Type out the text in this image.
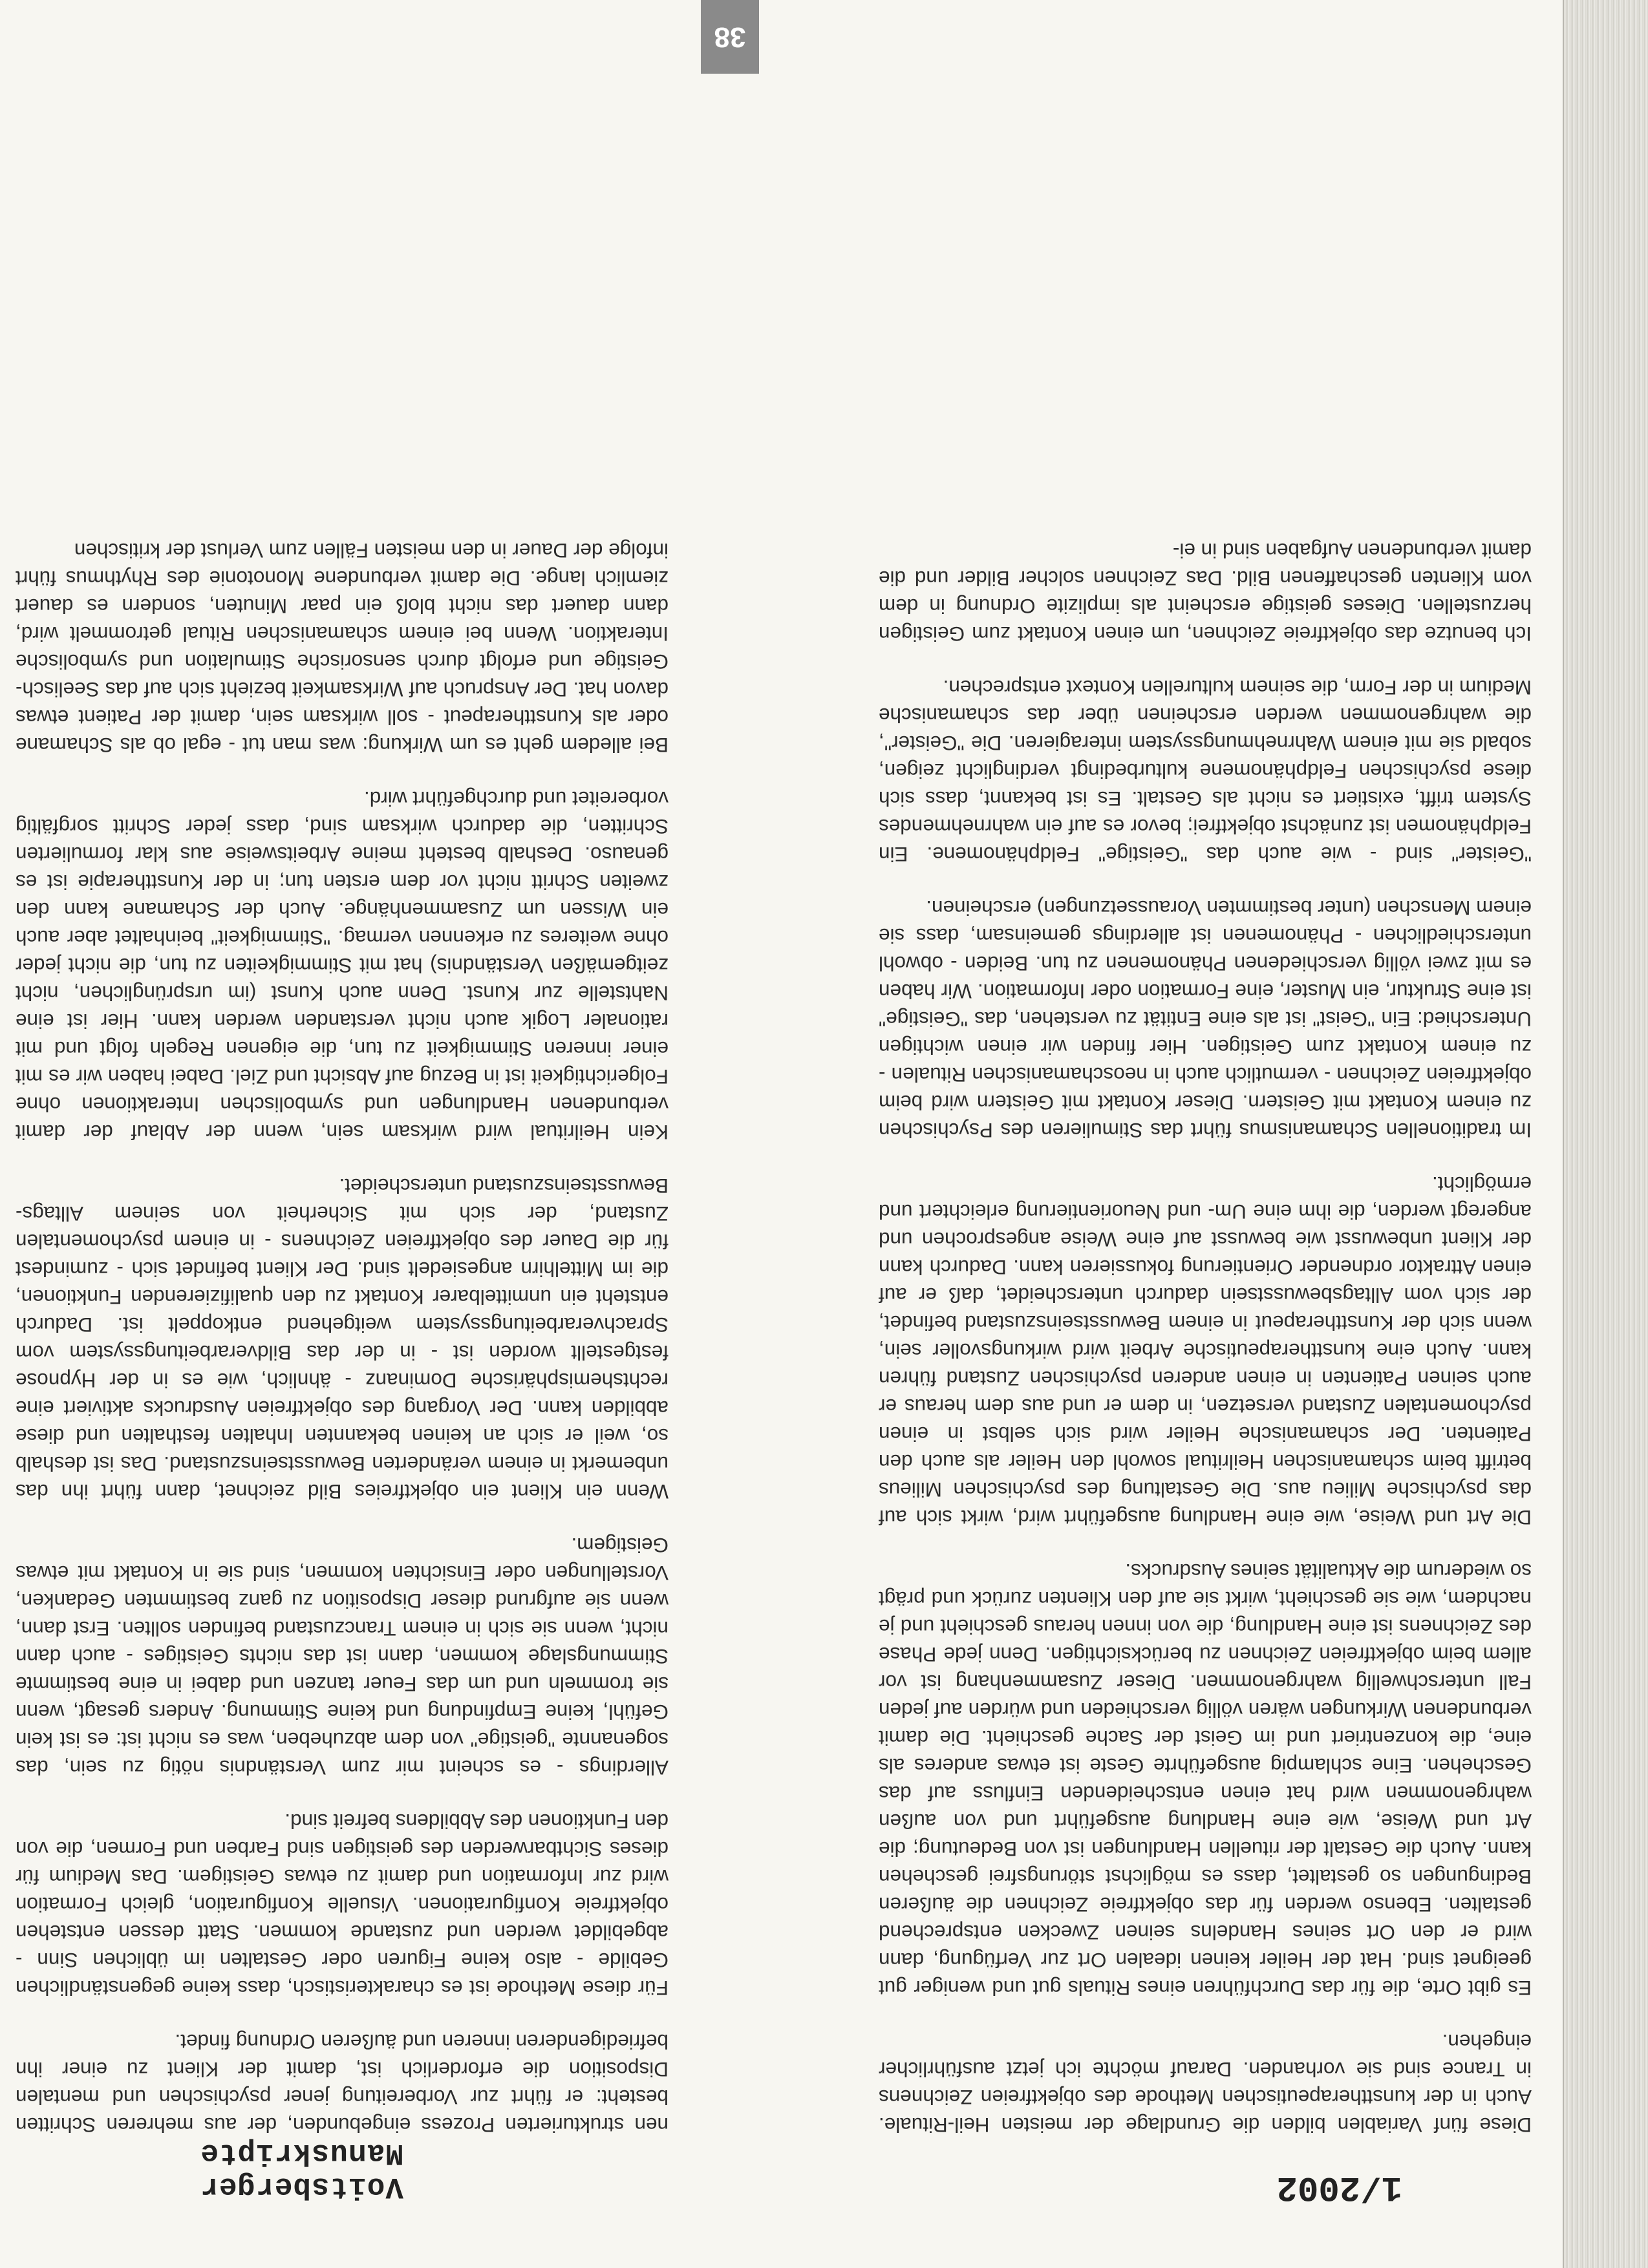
38
1/2002
Voitsberger Manuskripte

Diese fünf Variablen bilden die Grundlage der meisten Heil-Rituale. Auch in der kunsttherapeutischen Methode des objektfreien Zeichnens in Trance sind sie vorhanden. Darauf möchte ich jetzt ausführlicher eingehen.

Es gibt Orte, die für das Durchführen eines Rituals gut und weniger gut geeignet sind. Hat der Heiler keinen idealen Ort zur Verfügung, dann wird er den Ort seines Handelns seinen Zwecken entsprechend gestalten. Ebenso werden für das objektfreie Zeichnen die äußeren Bedingungen so gestaltet, dass es möglichst störungsfrei geschehen kann. Auch die Gestalt der rituellen Handlungen ist von Bedeutung; die Art und Weise, wie eine Handlung ausgeführt und von außen wahrgenommen wird hat einen entscheidenden Einfluss auf das Geschehen. Eine schlampig ausgeführte Geste ist etwas anderes als eine, die konzentriert und im Geist der Sache geschieht. Die damit verbundenen Wirkungen wären völlig verschieden und würden auf jeden Fall unterschwellig wahrgenommen. Dieser Zusammenhang ist vor allem beim objektfreien Zeichnen zu berücksichtigen. Denn jede Phase des Zeichnens ist eine Handlung, die von innen heraus geschieht und je nachdem, wie sie geschieht, wirkt sie auf den Klienten zurück und prägt so wiederum die Aktualität seines Ausdrucks.

Die Art und Weise, wie eine Handlung ausgeführt wird, wirkt sich auf das psychische Milieu aus. Die Gestaltung des psychischen Milieus betrifft beim schamanischen Heilritual sowohl den Heiler als auch den Patienten. Der schamanische Heiler wird sich selbst in einen psychomentalen Zustand versetzen, in dem er und aus dem heraus er auch seinen Patienten in einen anderen psychischen Zustand führen kann. Auch eine kunsttherapeutische Arbeit wird wirkungsvoller sein, wenn sich der Kunsttherapeut in einem Bewusstseinszustand befindet, der sich vom Alltagsbewusstsein dadurch unterscheidet, daß er auf einen Attraktor ordnender Orientierung fokussieren kann. Dadurch kann der Klient unbewusst wie bewusst auf eine Weise angesprochen und angeregt werden, die ihm eine Um- und Neuorientierung erleichtert und ermöglicht.

Im traditionellen Schamanismus führt das Stimulieren des Psychischen zu einem Kontakt mit Geistern. Dieser Kontakt mit Geistern wird beim objektfreien Zeichnen - vermutlich auch in neoschamanischen Ritualen - zu einem Kontakt zum Geistigen. Hier finden wir einen wichtigen Unterschied: Ein "Geist" ist als eine Entität zu verstehen, das "Geistige" ist eine Struktur, ein Muster, eine Formation oder Information. Wir haben es mit zwei völlig verschiedenen Phänomenen zu tun. Beiden - obwohl unterschiedlichen - Phänomenen ist allerdings gemeinsam, dass sie einem Menschen (unter bestimmten Voraussetzungen) erscheinen.

"Geister" sind - wie auch das "Geistige" Feldphänomene. Ein Feldphänomen ist zunächst objektfrei; bevor es auf ein wahrnehmendes System trifft, existiert es nicht als Gestalt. Es ist bekannt, dass sich diese psychischen Feldphänomene kulturbedingt verdinglicht zeigen, sobald sie mit einem Wahrnehmungssystem interagieren. Die "Geister", die wahrgenommen werden erscheinen über das schamanische Medium in der Form, die seinem kulturellen Kontext entsprechen.

Ich benutze das objektfreie Zeichnen, um einen Kontakt zum Geistigen herzustellen. Dieses geistige erscheint als implizite Ordnung in dem vom Klienten geschaffenen Bild. Das Zeichnen solcher Bilder und die damit verbundenen Aufgaben sind in ei-

nen strukturierten Prozess eingebunden, der aus mehreren Schritten besteht: er führt zur Vorbereitung jener psychischen und mentalen Disposition die erforderlich ist, damit der Klient zu einer ihn befriedigenderen inneren und äußeren Ordnung findet.

Für diese Methode ist es charakteristisch, dass keine gegenständlichen Gebilde - also keine Figuren oder Gestalten im üblichen Sinn - abgebildet werden und zustande kommen. Statt dessen entstehen objektfreie Konfigurationen. Visuelle Konfiguration, gleich Formation wird zur Information und damit zu etwas Geistigem. Das Medium für dieses Sichtbarwerden des geistigen sind Farben und Formen, die von den Funktionen des Abbildens befreit sind.

Allerdings - es scheint mir zum Verständnis nötig zu sein, das sogenannte "geistige" von dem abzuheben, was es nicht ist: es ist kein Gefühl, keine Empfindung und keine Stimmung. Anders gesagt, wenn sie trommeln und um das Feuer tanzen und dabei in eine bestimmte Stimmungslage kommen, dann ist das nichts Geistiges - auch dann nicht, wenn sie sich in einem Tranczustand befinden sollten. Erst dann, wenn sie aufgrund dieser Disposition zu ganz bestimmten Gedanken, Vorstellungen oder Einsichten kommen, sind sie in Kontakt mit etwas Geistigem.

Wenn ein Klient ein objektfreies Bild zeichnet, dann führt ihn das unbemerkt in einem veränderten Bewusstseinszustand. Das ist deshalb so, weil er sich an keinen bekannten Inhalten festhalten und diese abbilden kann. Der Vorgang des objektfreien Ausdrucks aktiviert eine rechtshemisphärische Dominanz - ähnlich, wie es in der Hypnose festgestellt worden ist - in der das Bildverarbeitungssystem vom Sprachverarbeitungssystem weitgehend entkoppelt ist. Dadurch entsteht ein unmittelbarer Kontakt zu den qualifizierenden Funktionen, die im Mittelhirn angesiedelt sind. Der Klient befindet sich - zumindest für die Dauer des objektfreien Zeichnens - in einem psychomentalen Zustand, der sich mit Sicherheit von seinem Alltags-Bewusstseinszustand unterscheidet.

Kein Heilritual wird wirksam sein, wenn der Ablauf der damit verbundenen Handlungen und symbolischen Interaktionen ohne Folgerichtigkeit ist in Bezug auf Absicht und Ziel. Dabei haben wir es mit einer inneren Stimmigkeit zu tun, die eigenen Regeln folgt und mit rationaler Logik auch nicht verstanden werden kann. Hier ist eine Nahtstelle zur Kunst. Denn auch Kunst (im ursprünglichen, nicht zeitgemäßen Verständnis) hat mit Stimmigkeiten zu tun, die nicht jeder ohne weiteres zu erkennen vermag. "Stimmigkeit" beinhaltet aber auch ein Wissen um Zusammenhänge. Auch der Schamane kann den zweiten Schritt nicht vor dem ersten tun; in der Kunsttherapie ist es genauso. Deshalb besteht meine Arbeitsweise aus klar formulierten Schritten, die dadurch wirksam sind, dass jeder Schritt sorgfältig vorbereitet und durchgeführt wird.

Bei alledem geht es um Wirkung: was man tut - egal ob als Schamane oder als Kunsttherapeut - soll wirksam sein, damit der Patient etwas davon hat. Der Anspruch auf Wirksamkeit bezieht sich auf das Seelisch-Geistige und erfolgt durch sensorische Stimulation und symbolische Interaktion. Wenn bei einem schamanischen Ritual getrommelt wird, dann dauert das nicht bloß ein paar Minuten, sondern es dauert ziemlich lange. Die damit verbundene Monotonie des Rhythmus führt infolge der Dauer in den meisten Fällen zum Verlust der kritischen
